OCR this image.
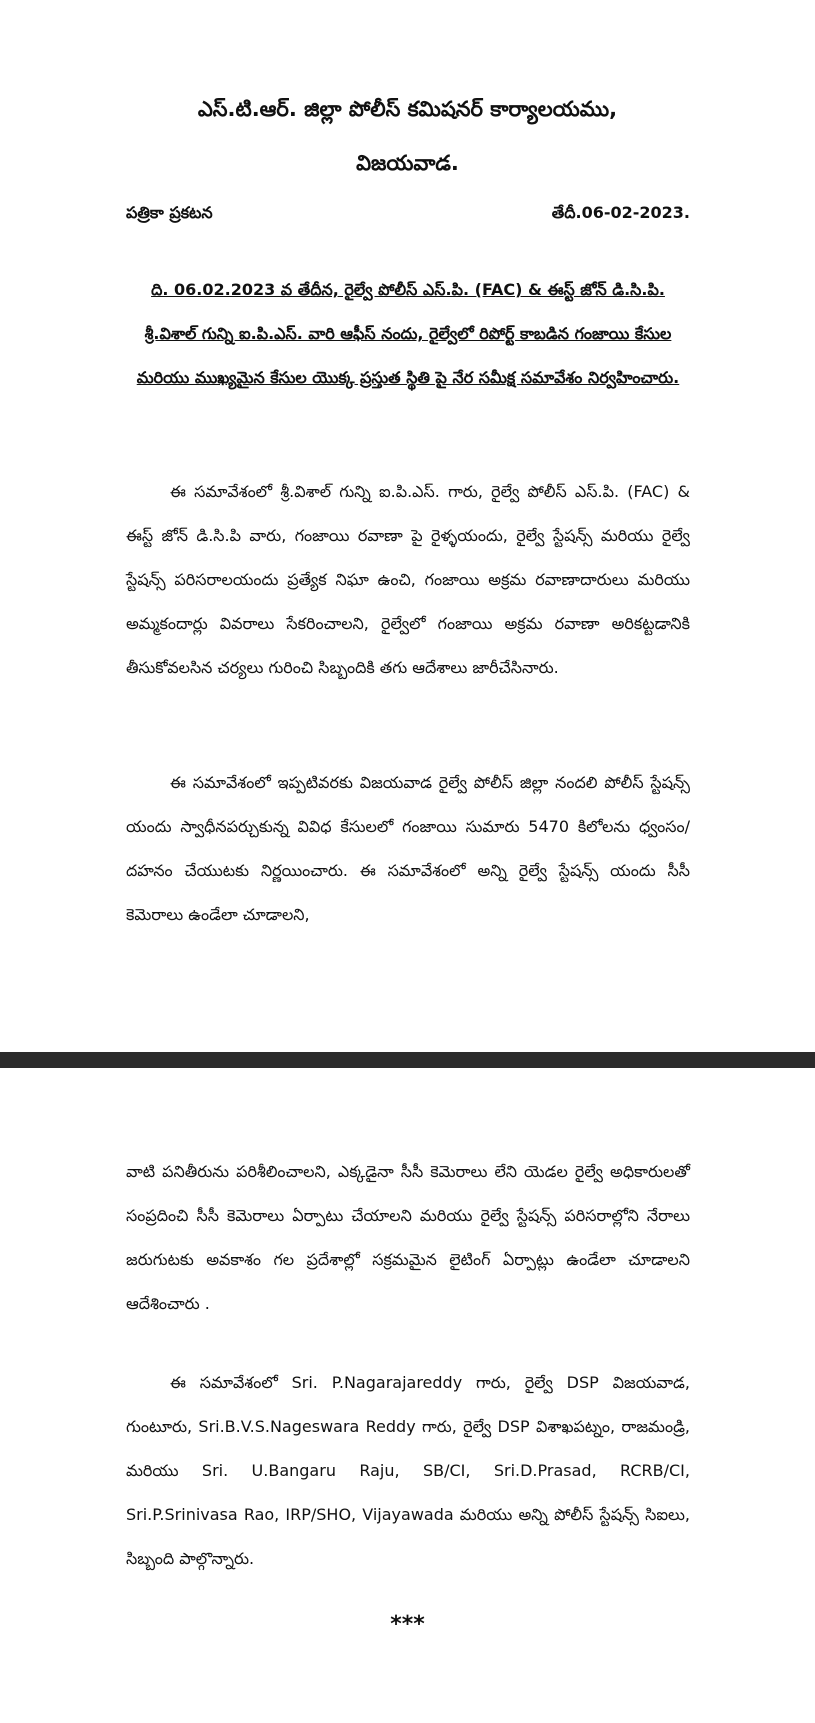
ఎస్.టి.ఆర్. జిల్లా పోలీస్ కమిషనర్ కార్యాలయము,
విజయవాడ.
పత్రికా ప్రకటన	తేదీ.06-02-2023.
ది. 06.02.2023 వ తేదీన, రైల్వే పోలీస్ ఎస్.పి. (FAC) & ఈస్ట్ జోన్ డి.సి.పి. శ్రీ.విశాల్ గున్ని ఐ.పి.ఎస్. వారి ఆఫీస్ నందు, రైల్వేలో రిపోర్ట్ కాబడిన గంజాయి కేసుల మరియు ముఖ్యమైన కేసుల యొక్క ప్రస్తుత స్థితి పై నేర సమీక్ష సమావేశం నిర్వహించారు.

ఈ సమావేశంలో శ్రీ.విశాల్ గున్ని ఐ.పి.ఎస్. గారు, రైల్వే పోలీస్ ఎస్.పి. (FAC) & ఈస్ట్ జోన్ డి.సి.పి వారు, గంజాయి రవాణా పై రైళ్ళయందు, రైల్వే స్టేషన్స్ మరియు రైల్వే స్టేషన్స్ పరిసరాలయందు ప్రత్యేక నిఘా ఉంచి, గంజాయి అక్రమ రవాణాదారులు మరియు అమ్మకందార్లు వివరాలు సేకరించాలని, రైల్వేలో గంజాయి అక్రమ రవాణా అరికట్టడానికి తీసుకోవలసిన చర్యలు గురించి సిబ్బందికి తగు ఆదేశాలు జారీచేసినారు.

ఈ సమావేశంలో ఇప్పటివరకు విజయవాడ రైల్వే పోలీస్ జిల్లా నందలి పోలీస్ స్టేషన్స్ యందు స్వాధీనపర్చుకున్న వివిధ కేసులలో గంజాయి సుమారు 5470 కిలోలను ధ్వంసం/ దహనం చేయుటకు నిర్ణయించారు. ఈ సమావేశంలో అన్ని రైల్వే స్టేషన్స్ యందు సీసీ కెమెరాలు ఉండేలా చూడాలని,

వాటి పనితీరును పరిశీలించాలని, ఎక్కడైనా సీసీ కెమెరాలు లేని యెడల రైల్వే అధికారులతో సంప్రదించి సీసీ కెమెరాలు ఏర్పాటు చేయాలని మరియు రైల్వే స్టేషన్స్ పరిసరాల్లోని నేరాలు జరుగుటకు అవకాశం గల ప్రదేశాల్లో సక్రమమైన లైటింగ్ ఏర్పాట్లు ఉండేలా చూడాలని ఆదేశించారు .

ఈ సమావేశంలో Sri. P.Nagarajareddy గారు, రైల్వే DSP విజయవాడ, గుంటూరు, Sri.B.V.S.Nageswara Reddy గారు, రైల్వే DSP విశాఖపట్నం, రాజమండ్రి, మరియు Sri. U.Bangaru Raju, SB/CI, Sri.D.Prasad, RCRB/CI, Sri.P.Srinivasa Rao, IRP/SHO, Vijayawada మరియు అన్ని పోలీస్ స్టేషన్స్ సిఐలు, సిబ్బంది పాల్గొన్నారు.

***
